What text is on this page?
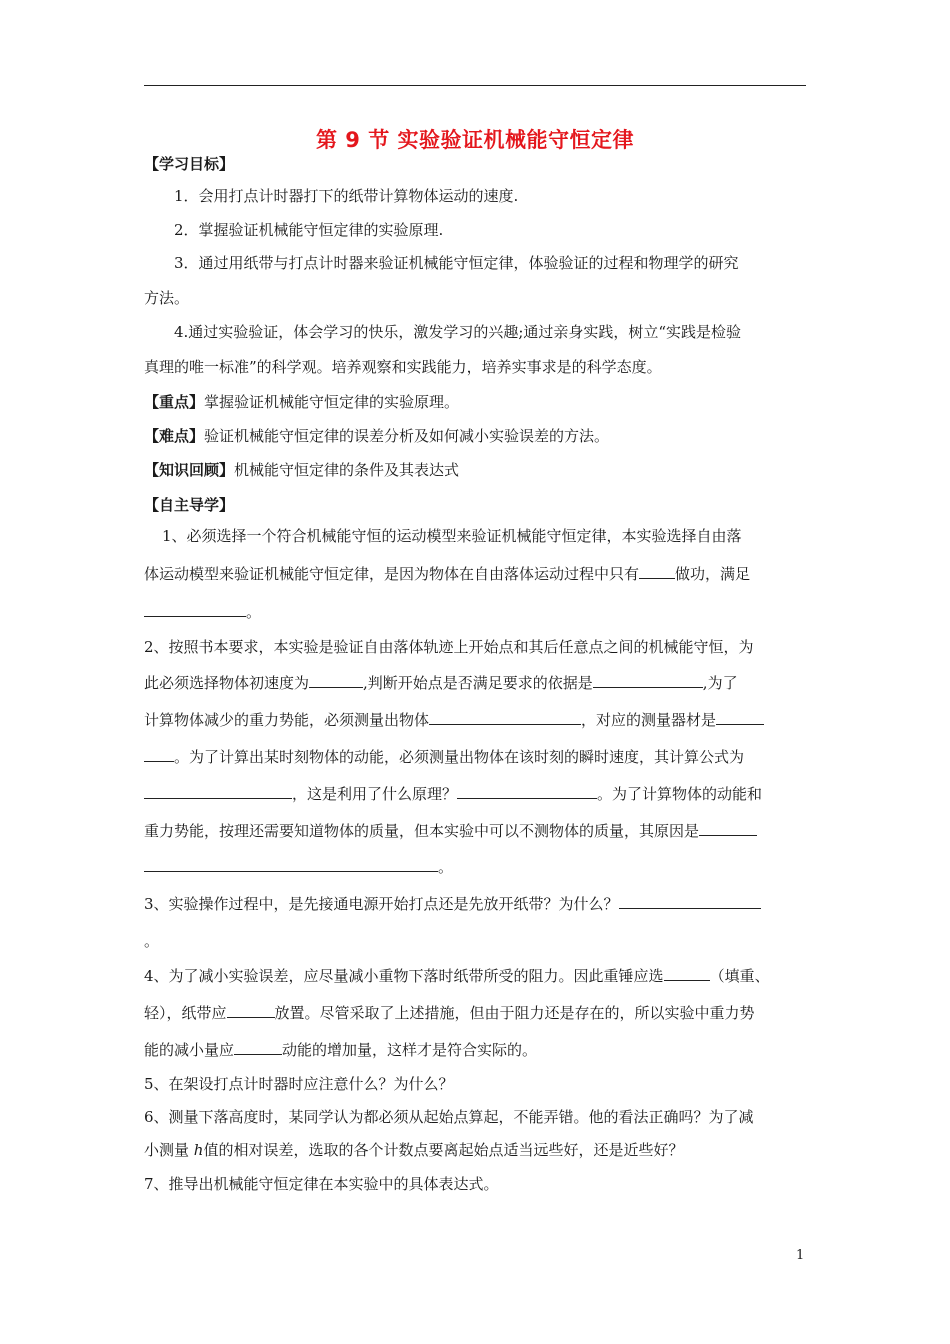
第 9 节 实验验证机械能守恒定律
【学习目标】
1．会用打点计时器打下的纸带计算物体运动的速度.
2．掌握验证机械能守恒定律的实验原理.
3．通过用纸带与打点计时器来验证机械能守恒定律，体验验证的过程和物理学的研究
方法。
4.通过实验验证，体会学习的快乐，激发学习的兴趣;通过亲身实践，树立“实践是检验
真理的唯一标准”的科学观。培养观察和实践能力，培养实事求是的科学态度。
【重点】掌握验证机械能守恒定律的实验原理。
【难点】验证机械能守恒定律的误差分析及如何减小实验误差的方法。
【知识回顾】机械能守恒定律的条件及其表达式
【自主导学】
1、必须选择一个符合机械能守恒的运动模型来验证机械能守恒定律，本实验选择自由落
体运动模型来验证机械能守恒定律，是因为物体在自由落体运动过程中只有 做功，满足
。
2、按照书本要求，本实验是验证自由落体轨迹上开始点和其后任意点之间的机械能守恒，为
此必须选择物体初速度为	,判断开始点是否满足要求的依据是	,为了
计算物体减少的重力势能，必须测量出物体	，对应的测量器材是
。为了计算出某时刻物体的动能，必须测量出物体在该时刻的瞬时速度，其计算公式为
，这是利用了什么原理？	。为了计算物体的动能和
重力势能，按理还需要知道物体的质量，但本实验中可以不测物体的质量，其原因是
。
3、实验操作过程中，是先接通电源开始打点还是先放开纸带？为什么？
。
4、为了减小实验误差，应尽量减小重物下落时纸带所受的阻力。因此重锤应选	（填重、
轻），纸带应	放置。尽管采取了上述措施，但由于阻力还是存在的，所以实验中重力势
能的减小量应	动能的增加量，这样才是符合实际的。
5、在架设打点计时器时应注意什么？为什么？
6、测量下落高度时，某同学认为都必须从起始点算起，不能弄错。他的看法正确吗？为了减
小测量 h值的相对误差，选取的各个计数点要离起始点适当远些好，还是近些好？
7、推导出机械能守恒定律在本实验中的具体表达式。
1
